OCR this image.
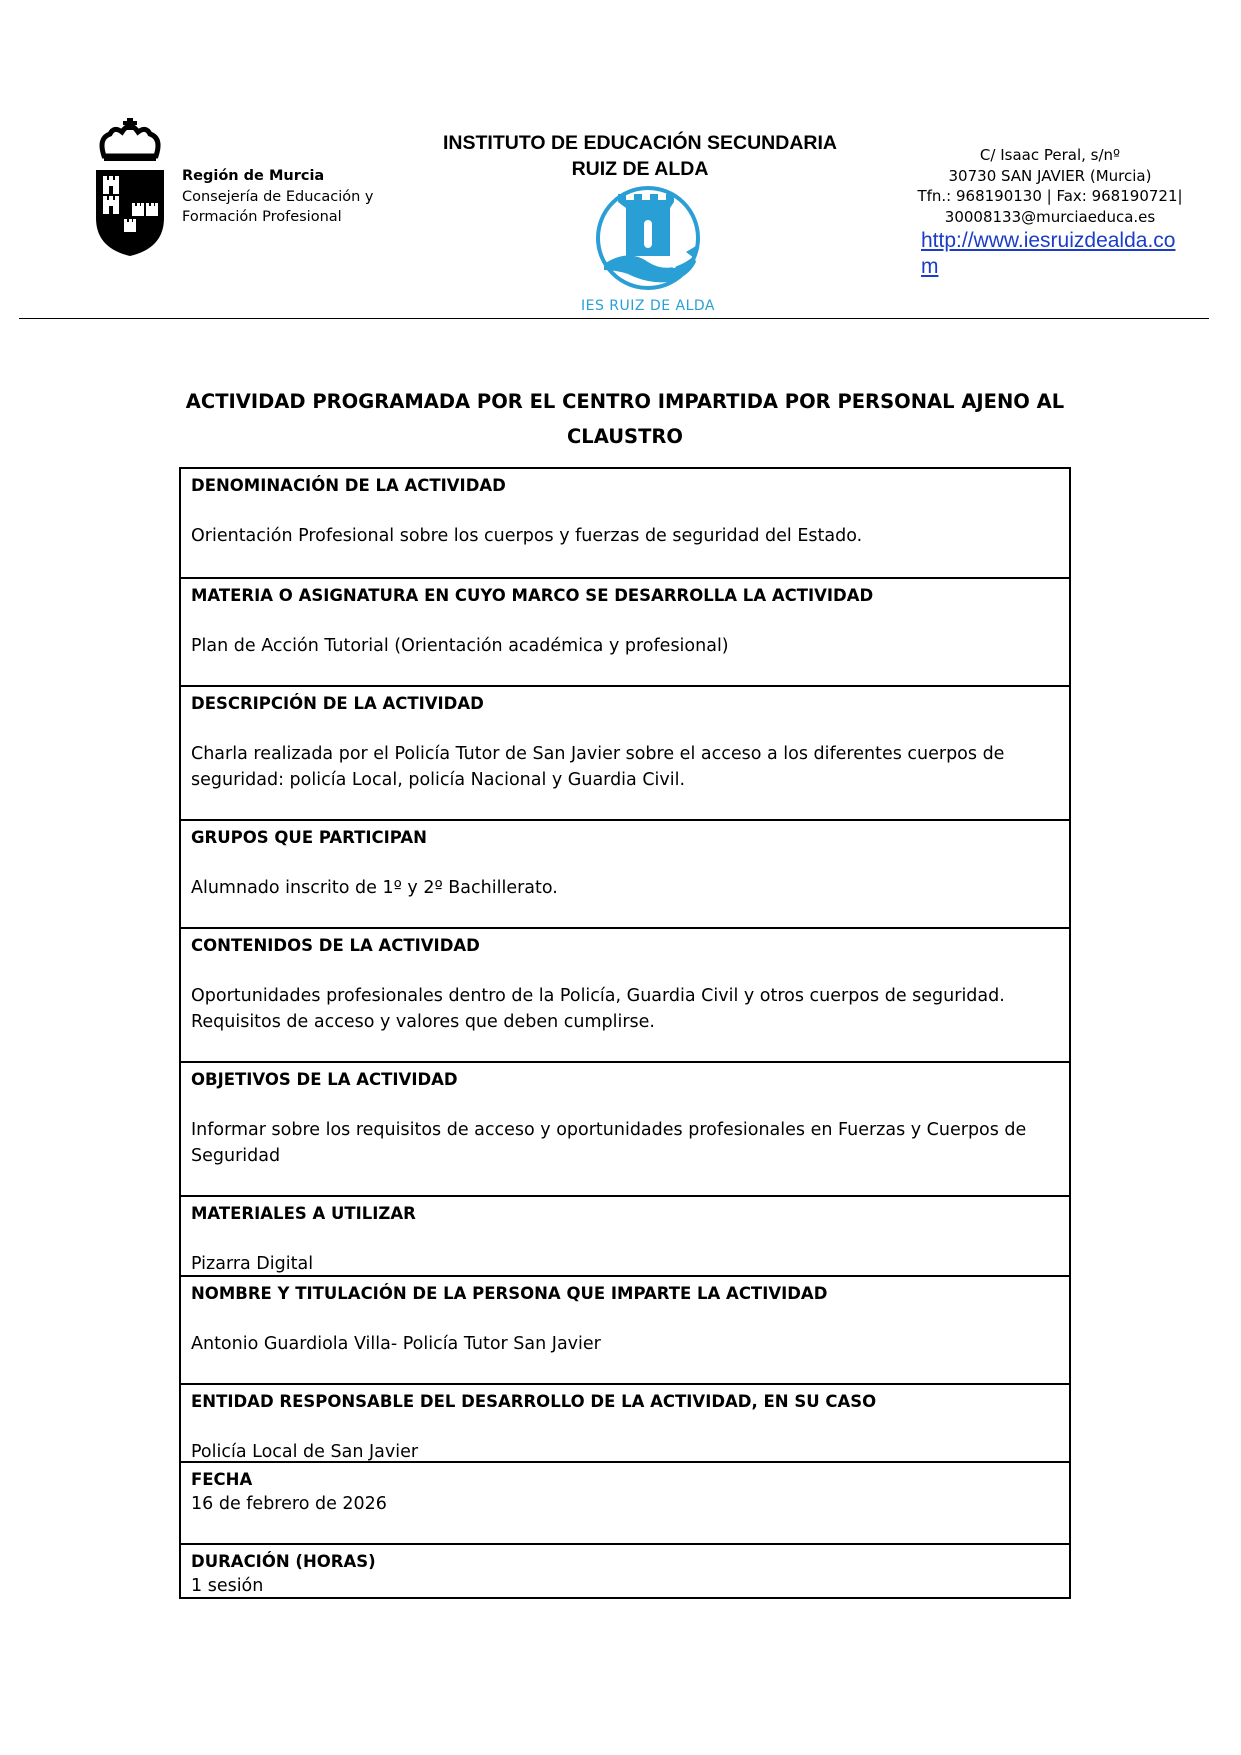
Región de Murcia
Consejería de Educación y
Formación Profesional
INSTITUTO DE EDUCACIÓN SECUNDARIA
RUIZ DE ALDA
IES RUIZ DE ALDA
C/ Isaac Peral, s/nº
30730 SAN JAVIER (Murcia)
Tfn.: 968190130 | Fax: 968190721|
30008133@murciaeduca.es
http://www.iesruizdealda.com
ACTIVIDAD PROGRAMADA POR EL CENTRO IMPARTIDA POR PERSONAL AJENO AL CLAUSTRO
DENOMINACIÓN DE LA ACTIVIDAD
Orientación Profesional sobre los cuerpos y fuerzas de seguridad del Estado.
MATERIA O ASIGNATURA EN CUYO MARCO SE DESARROLLA LA ACTIVIDAD
Plan de Acción Tutorial (Orientación académica y profesional)
DESCRIPCIÓN DE LA ACTIVIDAD
Charla realizada por el Policía Tutor de San Javier sobre el acceso a los diferentes cuerpos de seguridad: policía Local, policía Nacional y Guardia Civil.
GRUPOS QUE PARTICIPAN
Alumnado inscrito de 1º y 2º Bachillerato.
CONTENIDOS DE LA ACTIVIDAD
Oportunidades profesionales dentro de la Policía, Guardia Civil y otros cuerpos de seguridad. Requisitos de acceso y valores que deben cumplirse.
OBJETIVOS DE LA ACTIVIDAD
Informar sobre los requisitos de acceso y oportunidades profesionales en Fuerzas y Cuerpos de Seguridad
MATERIALES A UTILIZAR
Pizarra Digital
NOMBRE Y TITULACIÓN DE LA PERSONA QUE IMPARTE LA ACTIVIDAD
Antonio Guardiola Villa- Policía Tutor San Javier
ENTIDAD RESPONSABLE DEL DESARROLLO DE LA ACTIVIDAD, EN SU CASO
Policía Local de San Javier
FECHA
16 de febrero de 2026
DURACIÓN (HORAS)
1 sesión
